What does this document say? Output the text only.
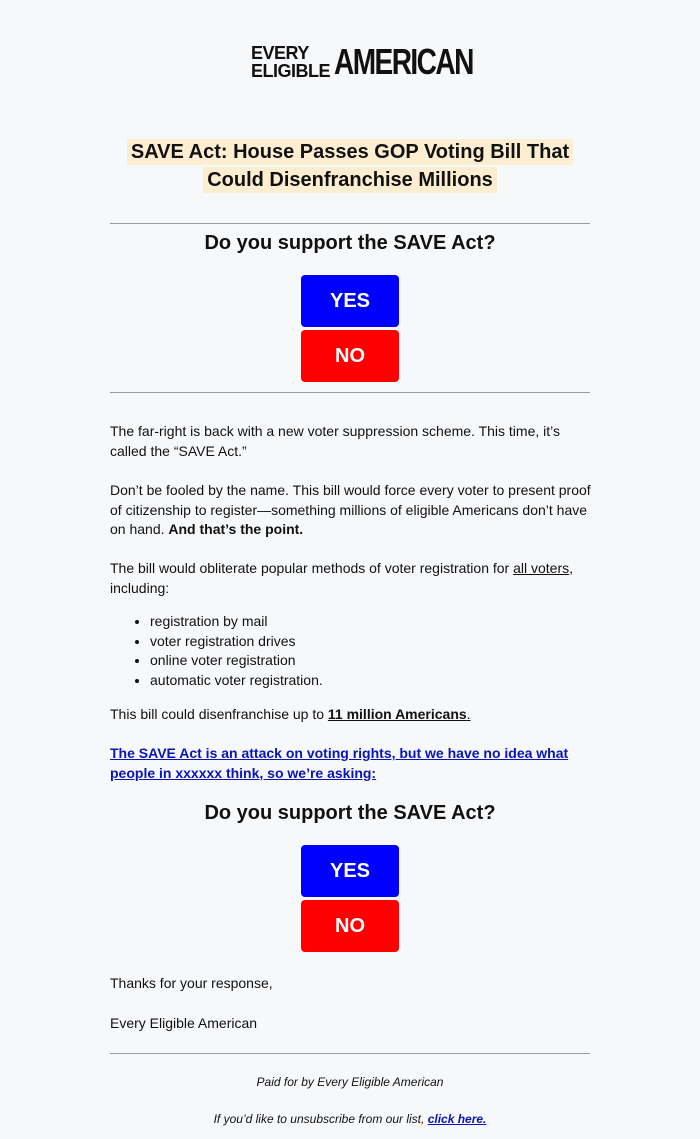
EVERY
ELIGIBLE AMERICAN
SAVE Act: House Passes GOP Voting Bill That Could Disenfranchise Millions
Do you support the SAVE Act?
YES
NO

The far-right is back with a new voter suppression scheme. This time, it’s called the “SAVE Act.”

Don’t be fooled by the name. This bill would force every voter to present proof of citizenship to register—something millions of eligible Americans don’t have on hand. And that’s the point.

The bill would obliterate popular methods of voter registration for all voters, including:

• registration by mail
• voter registration drives
• online voter registration
• automatic voter registration.

This bill could disenfranchise up to 11 million Americans.

The SAVE Act is an attack on voting rights, but we have no idea what people in xxxxxx think, so we’re asking:

Do you support the SAVE Act?
YES
NO

Thanks for your response,

Every Eligible American

Paid for by Every Eligible American
If you’d like to unsubscribe from our list, click here.
